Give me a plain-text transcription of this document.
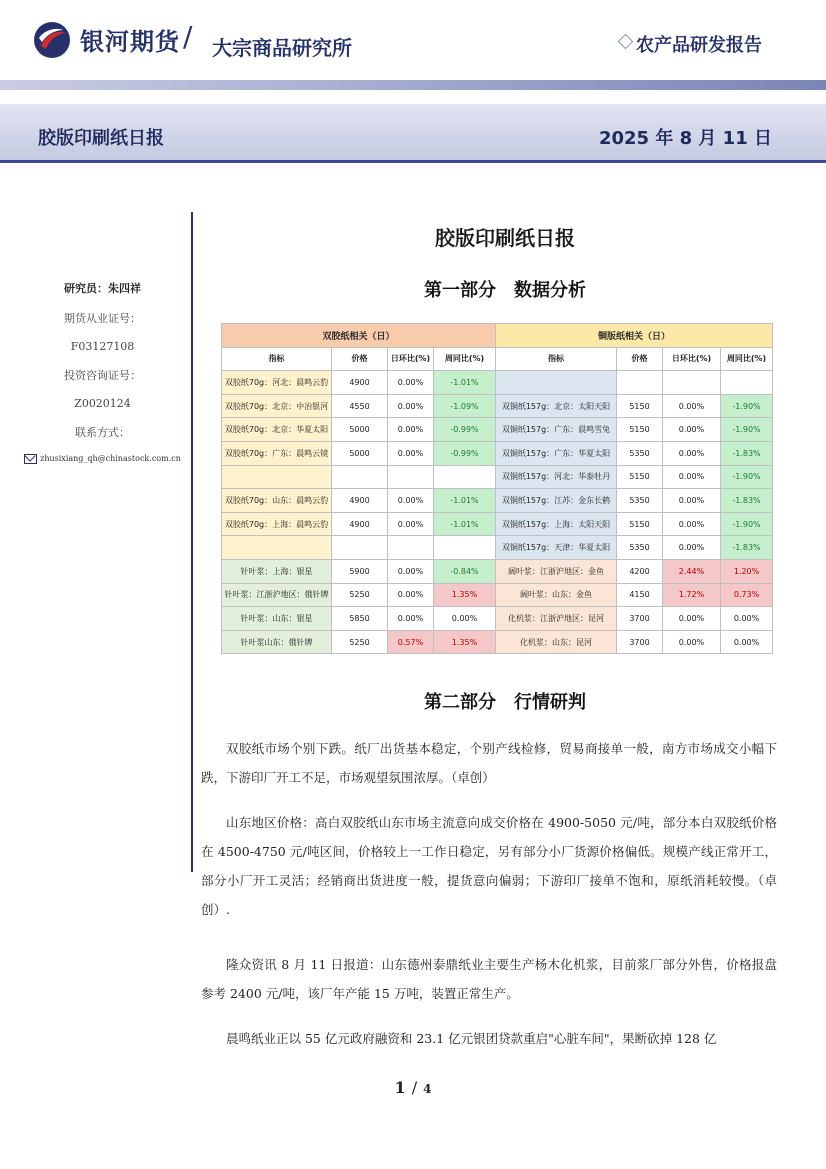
银河期货 / 大宗商品研究所	农产品研发报告
胶版印刷纸日报	2025 年 8 月 11 日
研究员：朱四祥
期货从业证号：
F03127108
投资咨询证号：
Z0020124
联系方式：
zhusixiang_qh@chinastock.com.cn
胶版印刷纸日报
第一部分　数据分析
双胶纸相关（日）				铜版纸相关（日）			
指标	价格	日环比(%)	周同比(%)	指标	价格	日环比(%)	周同比(%)
双胶纸70g：河北：晨鸣云豹	4900	0.00%	-1.01%				
双胶纸70g：北京：中冶银河	4550	0.00%	-1.09%	双铜纸157g：北京：太阳天阳	5150	0.00%	-1.90%
双胶纸70g：北京：华夏太阳	5000	0.00%	-0.99%	双铜纸157g：广东：晨鸣雪兔	5150	0.00%	-1.90%
双胶纸70g：广东：晨鸣云镜	5000	0.00%	-0.99%	双铜纸157g：广东：华夏太阳	5350	0.00%	-1.83%
				双铜纸157g：河北：华泰牡丹	5150	0.00%	-1.90%
双胶纸70g：山东：晨鸣云豹	4900	0.00%	-1.01%	双铜纸157g：江苏：金东长鹤	5350	0.00%	-1.83%
双胶纸70g：上海：晨鸣云豹	4900	0.00%	-1.01%	双铜纸157g：上海：太阳天阳	5150	0.00%	-1.90%
				双铜纸157g：天津：华夏太阳	5350	0.00%	-1.83%
针叶浆：上海：银星	5900	0.00%	-0.84%	阔叶浆：江浙沪地区：金鱼	4200	2.44%	1.20%
针叶浆：江浙沪地区：俄针牌	5250	0.00%	1.35%	阔叶浆：山东：金鱼	4150	1.72%	0.73%
针叶浆：山东：银星	5850	0.00%	0.00%	化机浆：江浙沪地区：昆河	3700	0.00%	0.00%
针叶浆山东：俄针牌	5250	0.57%	1.35%	化机浆：山东：昆河	3700	0.00%	0.00%
第二部分　行情研判
双胶纸市场个别下跌。纸厂出货基本稳定，个别产线检修，贸易商接单一般，南方市场成交小幅下跌，下游印厂开工不足，市场观望氛围浓厚。（卓创）
山东地区价格：高白双胶纸山东市场主流意向成交价格在 4900-5050 元/吨，部分本白双胶纸价格在 4500-4750 元/吨区间，价格较上一工作日稳定，另有部分小厂货源价格偏低。规模产线正常开工，部分小厂开工灵活；经销商出货进度一般，提货意向偏弱；下游印厂接单不饱和，原纸消耗较慢。（卓创）.
隆众资讯 8 月 11 日报道：山东德州泰鼎纸业主要生产杨木化机浆，目前浆厂部分外售，价格报盘参考 2400 元/吨，该厂年产能 15 万吨，装置正常生产。
晨鸣纸业正以 55 亿元政府融资和 23.1 亿元银团贷款重启"心脏车间"，果断砍掉 128 亿
1 / 4
